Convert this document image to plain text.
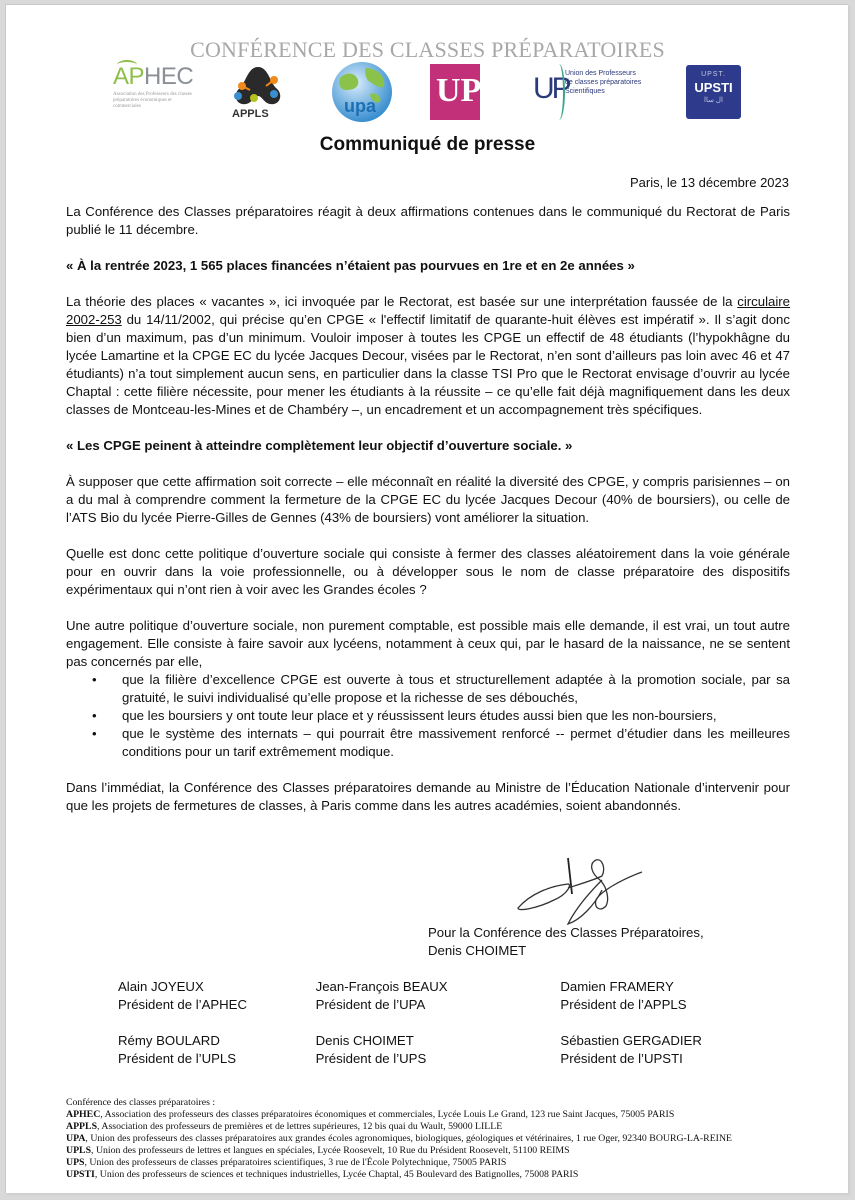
CONFÉRENCE DES CLASSES PRÉPARATOIRES
APHEC
Association des Professeurs des classes préparatoires économiques et commerciales
APPLS	upa UPS UP
Union des Professeurs
de classes préparatoires
Scientifiques
UPST.
UPSTI
ال ساا
Communiqué de presse
Paris, le 13 décembre 2023

La Conférence des Classes préparatoires réagit à deux affirmations contenues dans le communiqué du Rectorat de Paris publié le 11 décembre.

« À la rentrée 2023, 1 565 places financées n’étaient pas pourvues en 1re et en 2e années »

La théorie des places « vacantes », ici invoquée par le Rectorat, est basée sur une interprétation faussée de la circulaire 2002-253 du 14/11/2002, qui précise qu’en CPGE « l'effectif limitatif de quarante-huit élèves est impératif ». Il s’agit donc bien d’un maximum, pas d’un minimum. Vouloir imposer à toutes les CPGE un effectif de 48 étudiants (l’hypokhâgne du lycée Lamartine et la CPGE EC du lycée Jacques Decour, visées par le Rectorat, n’en sont d’ailleurs pas loin avec 46 et 47 étudiants) n’a tout simplement aucun sens, en particulier dans la classe TSI Pro que le Rectorat envisage d’ouvrir au lycée Chaptal : cette filière nécessite, pour mener les étudiants à la réussite – ce qu’elle fait déjà magnifiquement dans les deux classes de Montceau-les-Mines et de Chambéry –, un encadrement et un accompagnement très spécifiques.

« Les CPGE peinent à atteindre complètement leur objectif d’ouverture sociale. »

À supposer que cette affirmation soit correcte – elle méconnaît en réalité la diversité des CPGE, y compris parisiennes – on a du mal à comprendre comment la fermeture de la CPGE EC du lycée Jacques Decour (40% de boursiers), ou celle de l’ATS Bio du lycée Pierre-Gilles de Gennes (43% de boursiers) vont améliorer la situation.

Quelle est donc cette politique d’ouverture sociale qui consiste à fermer des classes aléatoirement dans la voie générale pour en ouvrir dans la voie professionnelle, ou à développer sous le nom de classe préparatoire des dispositifs expérimentaux qui n’ont rien à voir avec les Grandes écoles ?

Une autre politique d’ouverture sociale, non purement comptable, est possible mais elle demande, il est vrai, un tout autre engagement. Elle consiste à faire savoir aux lycéens, notamment à ceux qui, par le hasard de la naissance, ne se sentent pas concernés par elle,

• que la filière d’excellence CPGE est ouverte à tous et structurellement adaptée à la promotion sociale, par sa gratuité, le suivi individualisé qu’elle propose et la richesse de ses débouchés,
• que les boursiers y ont toute leur place et y réussissent leurs études aussi bien que les non-boursiers,
• que le système des internats – qui pourrait être massivement renforcé -- permet d’étudier dans les meilleures conditions pour un tarif extrêmement modique.

Dans l’immédiat, la Conférence des Classes préparatoires demande au Ministre de l’Éducation Nationale d’intervenir pour que les projets de fermetures de classes, à Paris comme dans les autres académies, soient abandonnés.

Pour la Conférence des Classes Préparatoires,
Denis CHOIMET
Alain JOYEUX
Président de l’APHEC
Jean-François BEAUX
Président de l’UPA
Damien FRAMERY
Président de l’APPLS
Rémy BOULARD
Président de l’UPLS
Denis CHOIMET
Président de l’UPS
Sébastien GERGADIER
Président de l’UPSTI
Conférence des classes préparatoires :
APHEC, Association des professeurs des classes préparatoires économiques et commerciales, Lycée Louis Le Grand, 123 rue Saint Jacques, 75005 PARIS
APPLS, Association des professeurs de premières et de lettres supérieures, 12 bis quai du Wault, 59000 LILLE
UPA, Union des professeurs des classes préparatoires aux grandes écoles agronomiques, biologiques, géologiques et vétérinaires, 1 rue Oger, 92340 BOURG-LA-REINE
UPLS, Union des professeurs de lettres et langues en spéciales, Lycée Roosevelt, 10 Rue du Président Roosevelt, 51100 REIMS
UPS, Union des professeurs de classes préparatoires scientifiques, 3 rue de l'École Polytechnique, 75005 PARIS
UPSTI, Union des professeurs de sciences et techniques industrielles, Lycée Chaptal, 45 Boulevard des Batignolles, 75008 PARIS
